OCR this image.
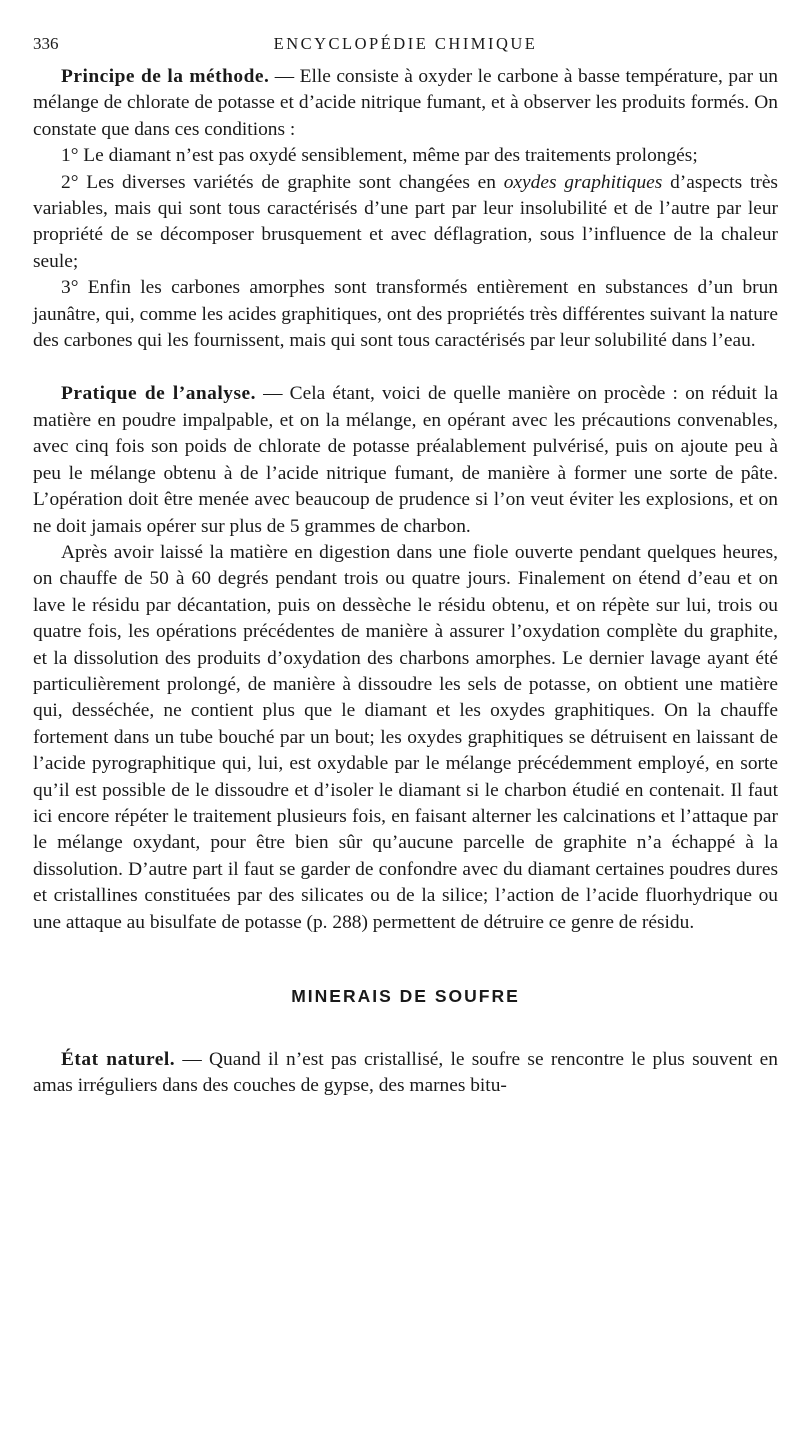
336	ENCYCLOPÉDIE CHIMIQUE

Principe de la méthode. — Elle consiste à oxyder le carbone à basse température, par un mélange de chlorate de potasse et d’acide nitrique fumant, et à observer les produits formés. On constate que dans ces conditions :

1° Le diamant n’est pas oxydé sensiblement, même par des traitements prolongés;

2° Les diverses variétés de graphite sont changées en oxydes graphitiques d’aspects très variables, mais qui sont tous caractérisés d’une part par leur insolubilité et de l’autre par leur propriété de se décomposer brusquement et avec déflagration, sous l’influence de la chaleur seule;

3° Enfin les carbones amorphes sont transformés entièrement en substances d’un brun jaunâtre, qui, comme les acides graphitiques, ont des propriétés très différentes suivant la nature des carbones qui les fournissent, mais qui sont tous caractérisés par leur solubilité dans l’eau.

Pratique de l’analyse. — Cela étant, voici de quelle manière on procède : on réduit la matière en poudre impalpable, et on la mélange, en opérant avec les précautions convenables, avec cinq fois son poids de chlorate de potasse préalablement pulvérisé, puis on ajoute peu à peu le mélange obtenu à de l’acide nitrique fumant, de manière à former une sorte de pâte. L’opération doit être menée avec beaucoup de prudence si l’on veut éviter les explosions, et on ne doit jamais opérer sur plus de 5 grammes de charbon.

Après avoir laissé la matière en digestion dans une fiole ouverte pendant quelques heures, on chauffe de 50 à 60 degrés pendant trois ou quatre jours. Finalement on étend d’eau et on lave le résidu par décantation, puis on dessèche le résidu obtenu, et on répète sur lui, trois ou quatre fois, les opérations précédentes de manière à assurer l’oxydation complète du graphite, et la dissolution des produits d’oxydation des charbons amorphes. Le dernier lavage ayant été particulièrement prolongé, de manière à dissoudre les sels de potasse, on obtient une matière qui, desséchée, ne contient plus que le diamant et les oxydes graphitiques. On la chauffe fortement dans un tube bouché par un bout; les oxydes graphitiques se détruisent en laissant de l’acide pyrographitique qui, lui, est oxydable par le mélange précédemment employé, en sorte qu’il est possible de le dissoudre et d’isoler le diamant si le charbon étudié en contenait. Il faut ici encore répéter le traitement plusieurs fois, en faisant alterner les calcinations et l’attaque par le mélange oxydant, pour être bien sûr qu’aucune parcelle de graphite n’a échappé à la dissolution. D’autre part il faut se garder de confondre avec du diamant certaines poudres dures et cristallines constituées par des silicates ou de la silice; l’action de l’acide fluorhydrique ou une attaque au bisulfate de potasse (p. 288) permettent de détruire ce genre de résidu.

MINERAIS DE SOUFRE

État naturel. — Quand il n’est pas cristallisé, le soufre se rencontre le plus souvent en amas irréguliers dans des couches de gypse, des marnes bitu-
